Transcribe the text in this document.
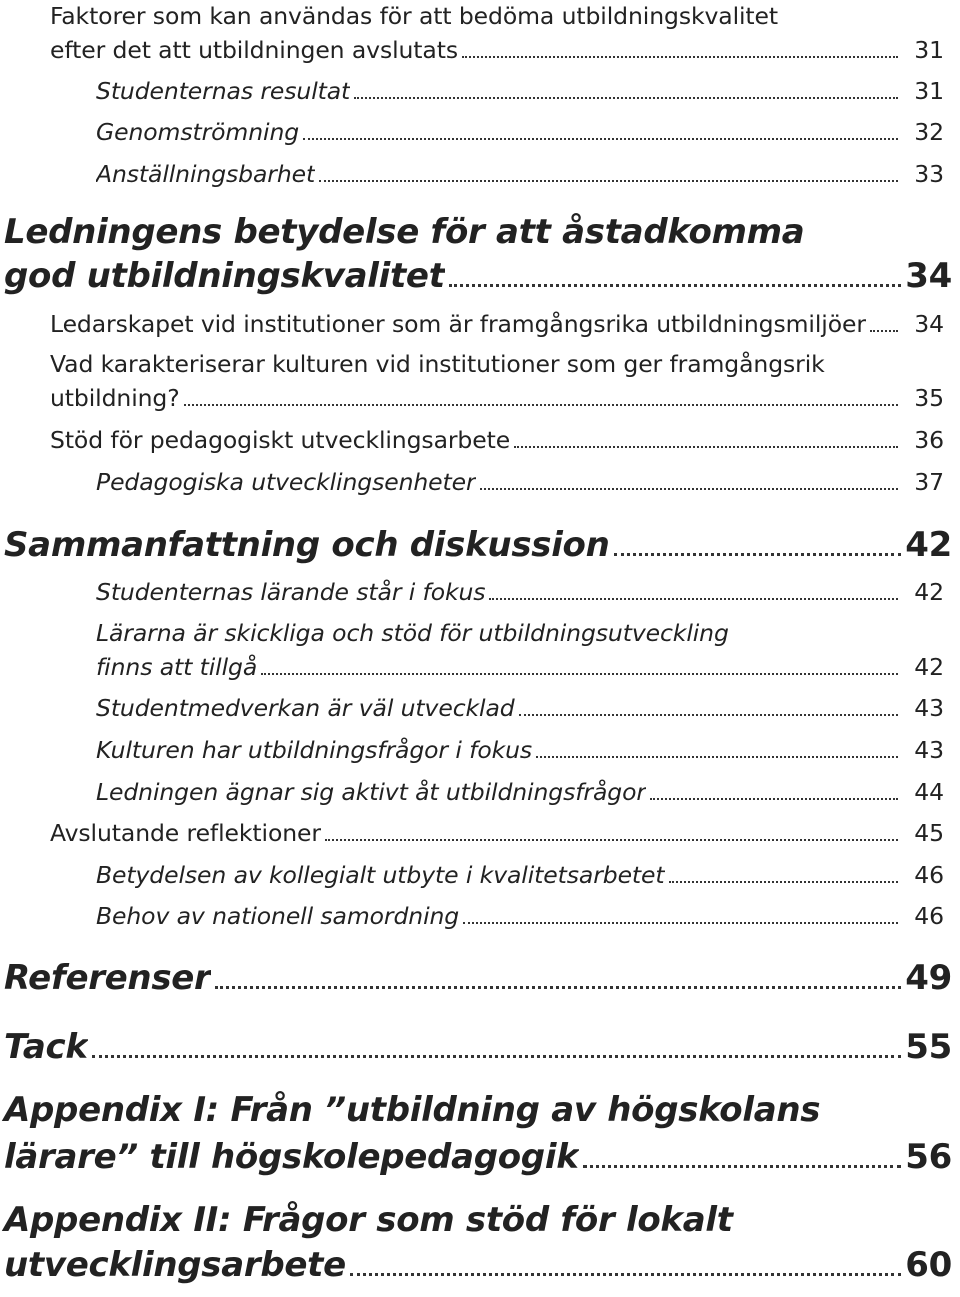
Faktorer som kan användas för att bedöma utbildningskvalitet
efter det att utbildningen avslutats	31
Studenternas resultat	31
Genomströmning	32
Anställningsbarhet	33
Ledningens betydelse för att åstadkomma
god utbildningskvalitet	34
Ledarskapet vid institutioner som är framgångsrika utbildningsmiljöer	34
Vad karakteriserar kulturen vid institutioner som ger framgångsrik
utbildning?	35
Stöd för pedagogiskt utvecklingsarbete	36
Pedagogiska utvecklingsenheter	37
Sammanfattning och diskussion	42
Studenternas lärande står i fokus	42
Lärarna är skickliga och stöd för utbildningsutveckling
finns att tillgå	42
Studentmedverkan är väl utvecklad	43
Kulturen har utbildningsfrågor i fokus	43
Ledningen ägnar sig aktivt åt utbildningsfrågor	44
Avslutande reflektioner	45
Betydelsen av kollegialt utbyte i kvalitetsarbetet	46
Behov av nationell samordning	46
Referenser	49
Tack	55
Appendix I: Från ”utbildning av högskolans
lärare” till högskolepedagogik	56
Appendix II: Frågor som stöd för lokalt
utvecklingsarbete	60
